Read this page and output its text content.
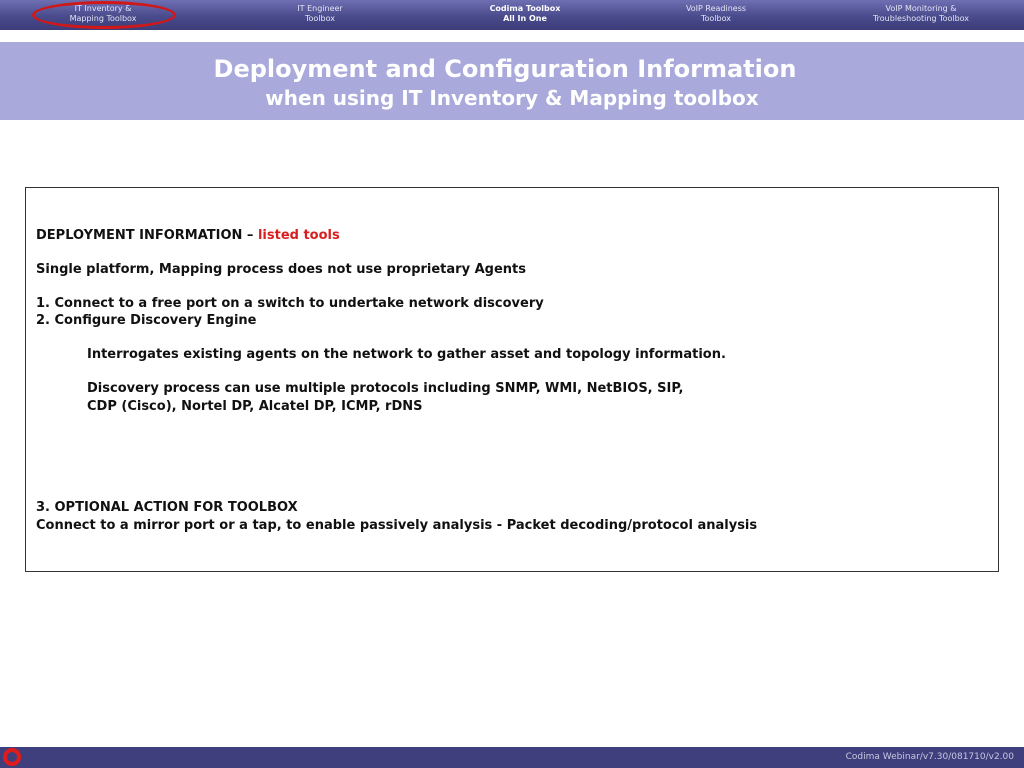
IT Inventory &
Mapping Toolbox
IT Engineer
Toolbox
Codima Toolbox
All In One
VoIP Readiness
Toolbox
VoIP Monitoring &
Troubleshooting Toolbox
Deployment and Configuration Information
when using IT Inventory & Mapping toolbox
DEPLOYMENT INFORMATION – listed tools
Single platform, Mapping process does not use proprietary Agents
1. Connect to a free port on a switch to undertake network discovery
2. Configure Discovery Engine
Interrogates existing agents on the network to gather asset and topology information.
Discovery process can use multiple protocols including SNMP, WMI, NetBIOS, SIP,
CDP (Cisco), Nortel DP, Alcatel DP, ICMP, rDNS
3. OPTIONAL ACTION FOR TOOLBOX
Connect to a mirror port or a tap, to enable passively analysis - Packet decoding/protocol analysis
Codima Webinar/v7.30/081710/v2.00
